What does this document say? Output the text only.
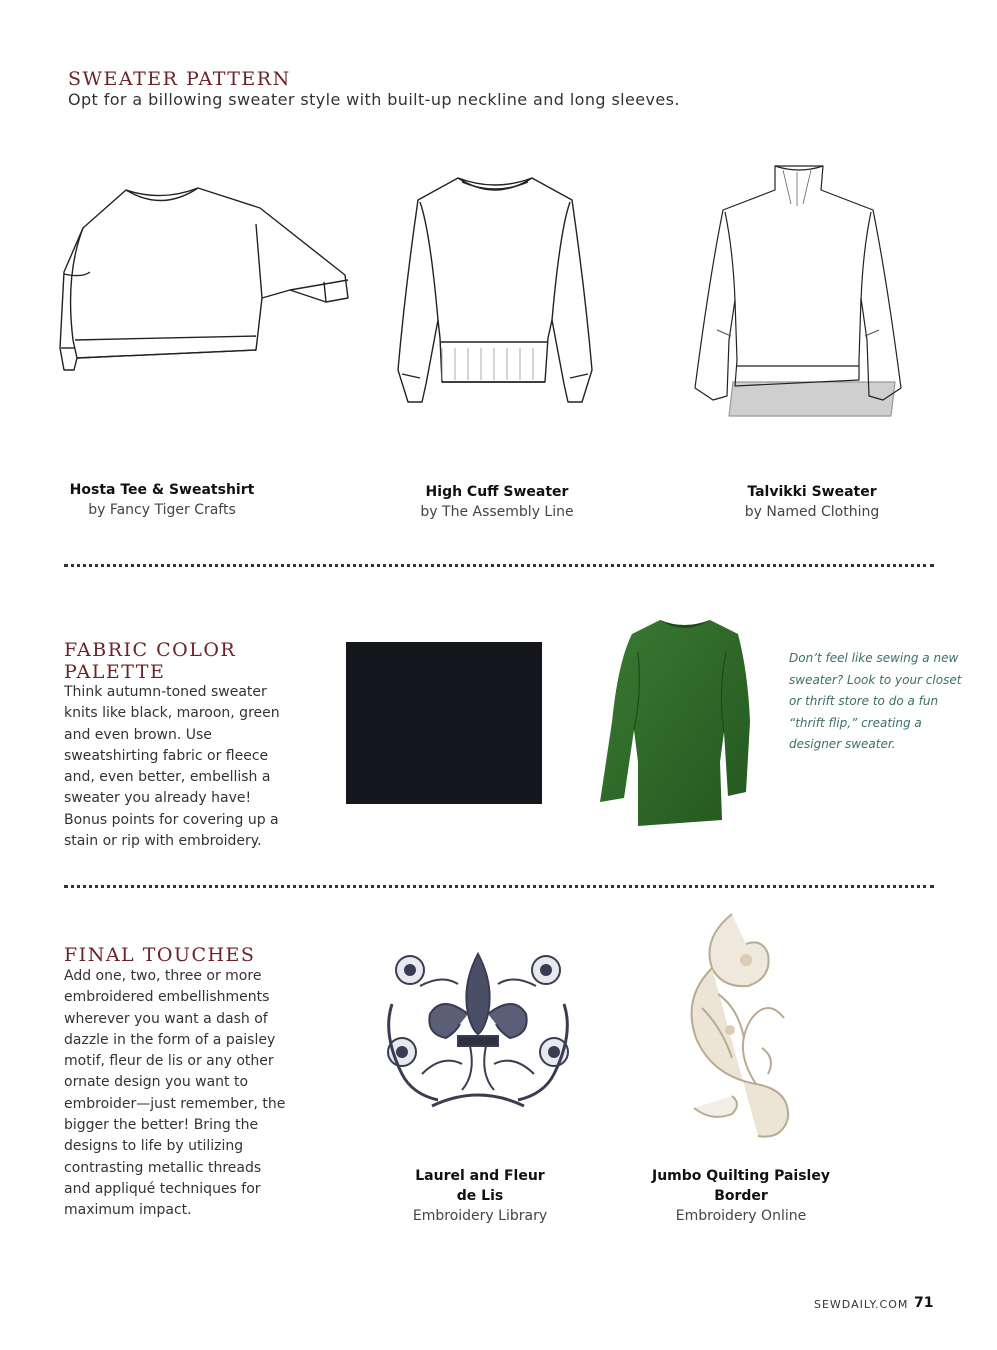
SWEATER PATTERN
Opt for a billowing sweater style with built-up neckline and long sleeves.
Hosta Tee & Sweatshirt
by Fancy Tiger Crafts
High Cuff Sweater
by The Assembly Line
Talvikki Sweater
by Named Clothing
FABRIC COLOR
PALETTE
Think autumn-toned sweater knits like black, maroon, green and even brown. Use sweatshirting fabric or fleece and, even better, embellish a sweater you already have! Bonus points for covering up a stain or rip with embroidery.
Don’t feel like sewing a new sweater? Look to your closet or thrift store to do a fun “thrift flip,” creating a designer sweater.
FINAL TOUCHES
Add one, two, three or more embroidered embellishments wherever you want a dash of dazzle in the form of a paisley motif, fleur de lis or any other ornate design you want to embroider—just remember, the bigger the better! Bring the designs to life by utilizing contrasting metallic threads and appliqué techniques for maximum impact.
Laurel and Fleur
de Lis
Embroidery Library
Jumbo Quilting Paisley
Border
Embroidery Online
SEWDAILY.COM 71
